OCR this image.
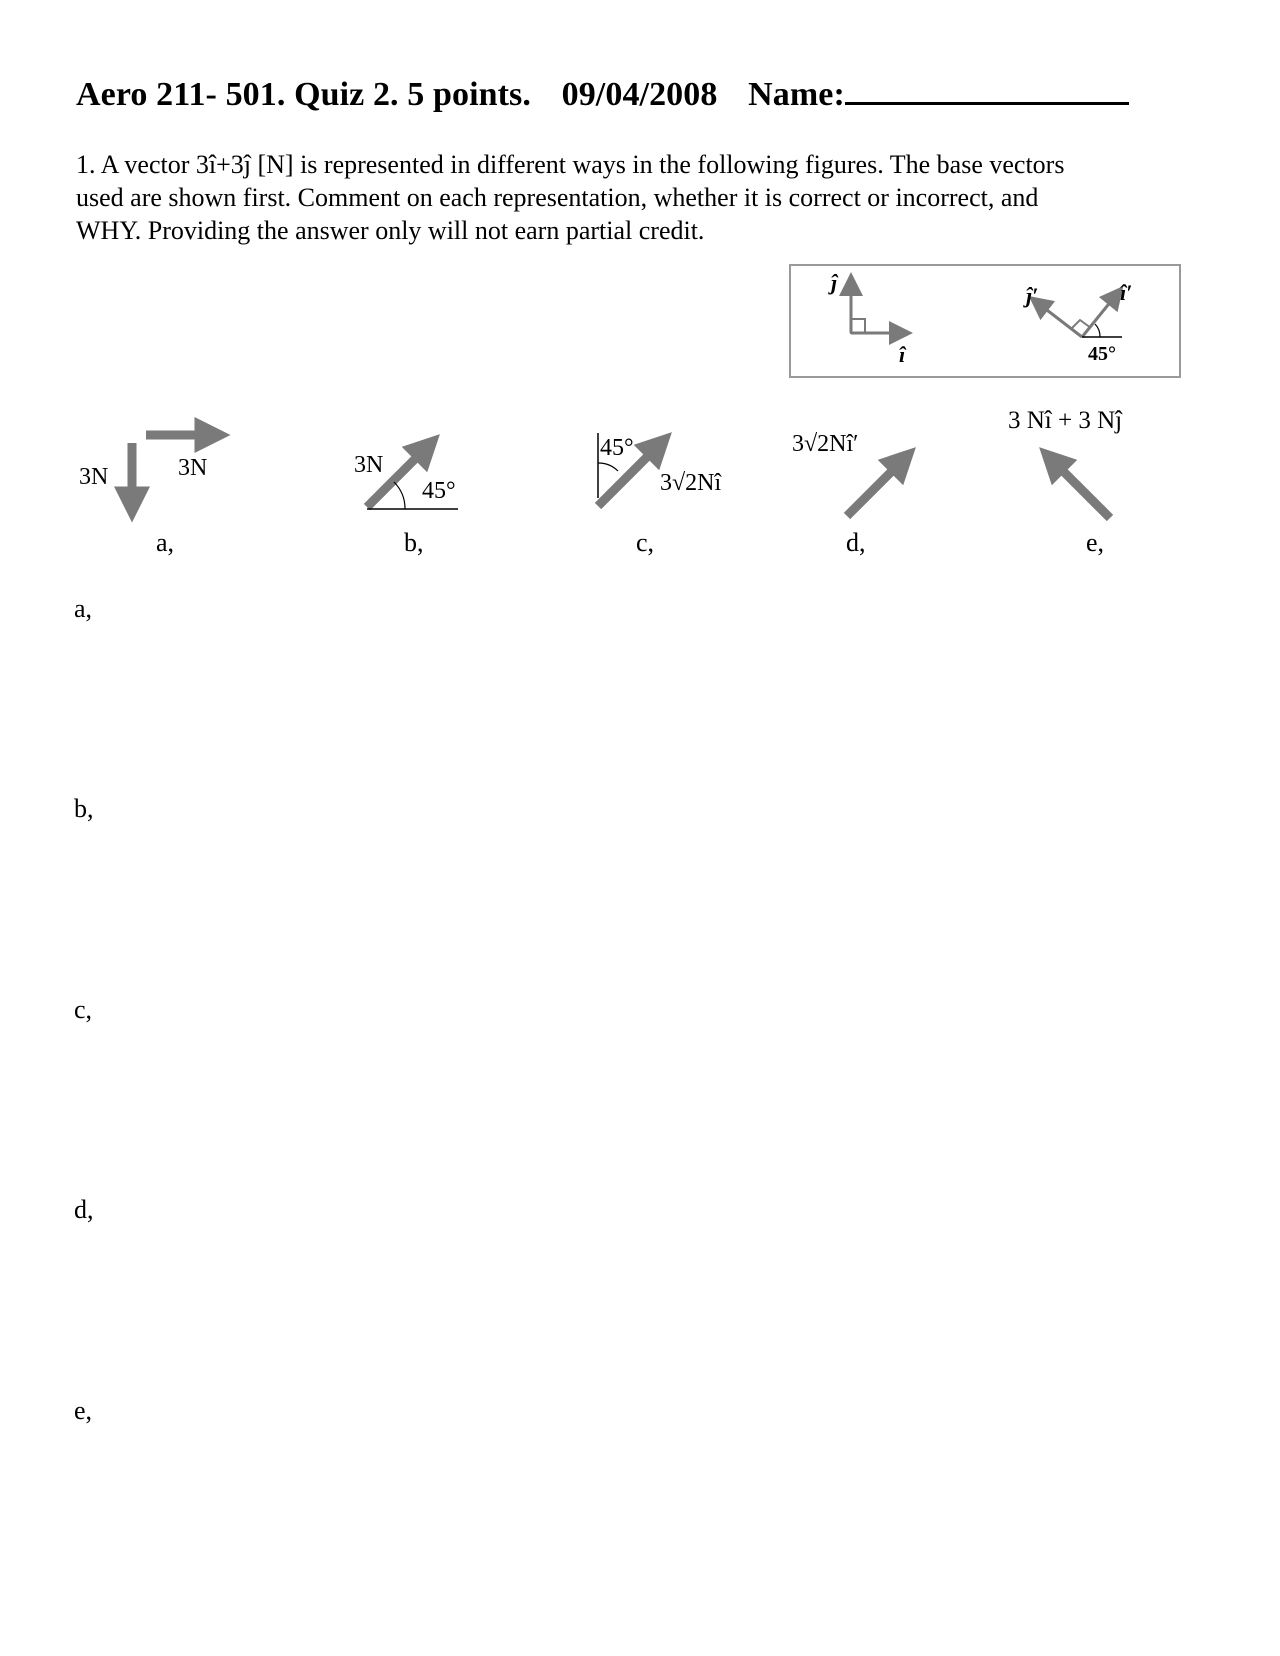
Aero 211- 501. Quiz 2. 5 points. 09/04/2008 Name:

1. A vector 3î+3ĵ [N] is represented in different ways in the following figures. The base vectors

used are shown first. Comment on each representation, whether it is correct or incorrect, and

WHY. Providing the answer only will not earn partial credit.

ĵ
î
ĵ′	î′
45°
3N	3N
a,
3N
45°
b,
45°
3√2Nî
c,
3√2Nî′
d,
3 Nî + 3 Nĵ
e,
a,
b,
c,
d,
e,
